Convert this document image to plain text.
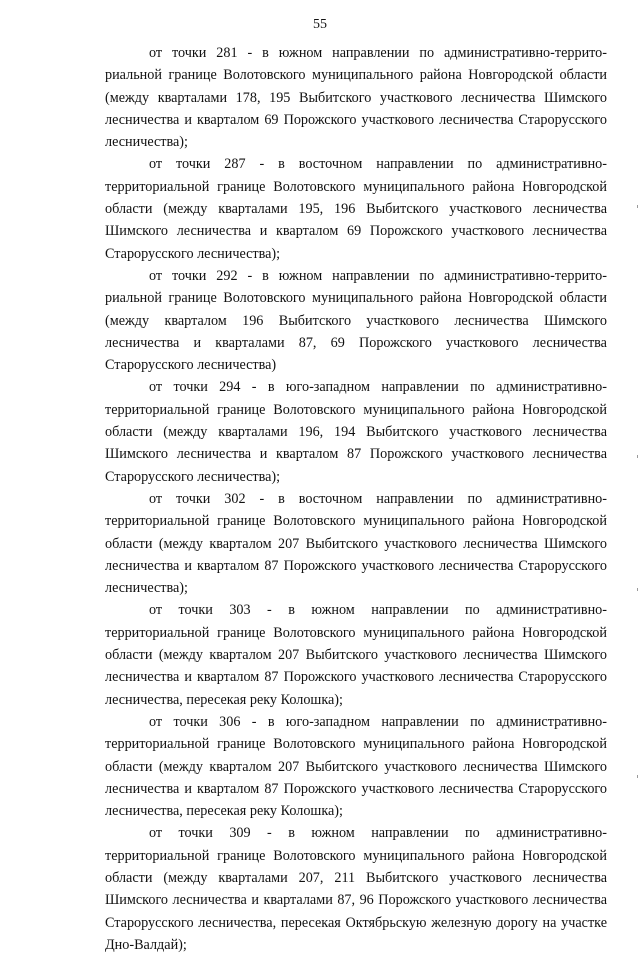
55

от точки 281 - в южном направлении по административно-территориальной границе Волотовского муниципального района Новгородской области (между кварталами 178, 195 Выбитского участкового лесничества Шимского лесничества и кварталом 69 Порожского участкового лесничества Старорусского лесничества);

от точки 287 - в восточном направлении по административно-территориальной границе Волотовского муниципального района Новгородской области (между кварталами 195, 196 Выбитского участкового лесничества Шимского лесничества и кварталом 69 Порожского участкового лесничества Старорусского лесничества);

от точки 292 - в южном направлении по административно-территориальной границе Волотовского муниципального района Новгородской области (между кварталом 196 Выбитского участкового лесничества Шимского лесничества и кварталами 87, 69 Порожского участкового лесничества Старорусского лесничества)

от точки 294 - в юго-западном направлении по административно-территориальной границе Волотовского муниципального района Новгородской области (между кварталами 196, 194 Выбитского участкового лесничества Шимского лесничества и кварталом 87 Порожского участкового лесничества Старорусского лесничества);

от точки 302 - в восточном направлении по административно-территориальной границе Волотовского муниципального района Новгородской области (между кварталом 207 Выбитского участкового лесничества Шимского лесничества и кварталом 87 Порожского участкового лесничества Старорусского лесничества);

от точки 303 - в южном направлении по административно-территориальной границе Волотовского муниципального района Новгородской области (между кварталом 207 Выбитского участкового лесничества Шимского лесничества и кварталом 87 Порожского участкового лесничества Старорусского лесничества, пересекая реку Колошка);

от точки 306 - в юго-западном направлении по административно-территориальной границе Волотовского муниципального района Новгородской области (между кварталом 207 Выбитского участкового лесничества Шимского лесничества и кварталом 87 Порожского участкового лесничества Старорусского лесничества, пересекая реку Колошка);

от точки 309 - в южном направлении по административно-территориальной границе Волотовского муниципального района Новгородской области (между кварталами 207, 211 Выбитского участкового лесничества Шимского лесничества и кварталами 87, 96 Порожского участкового лесничества Старорусского лесничества, пересекая Октябрьскую железную дорогу на участке Дно-Валдай);
